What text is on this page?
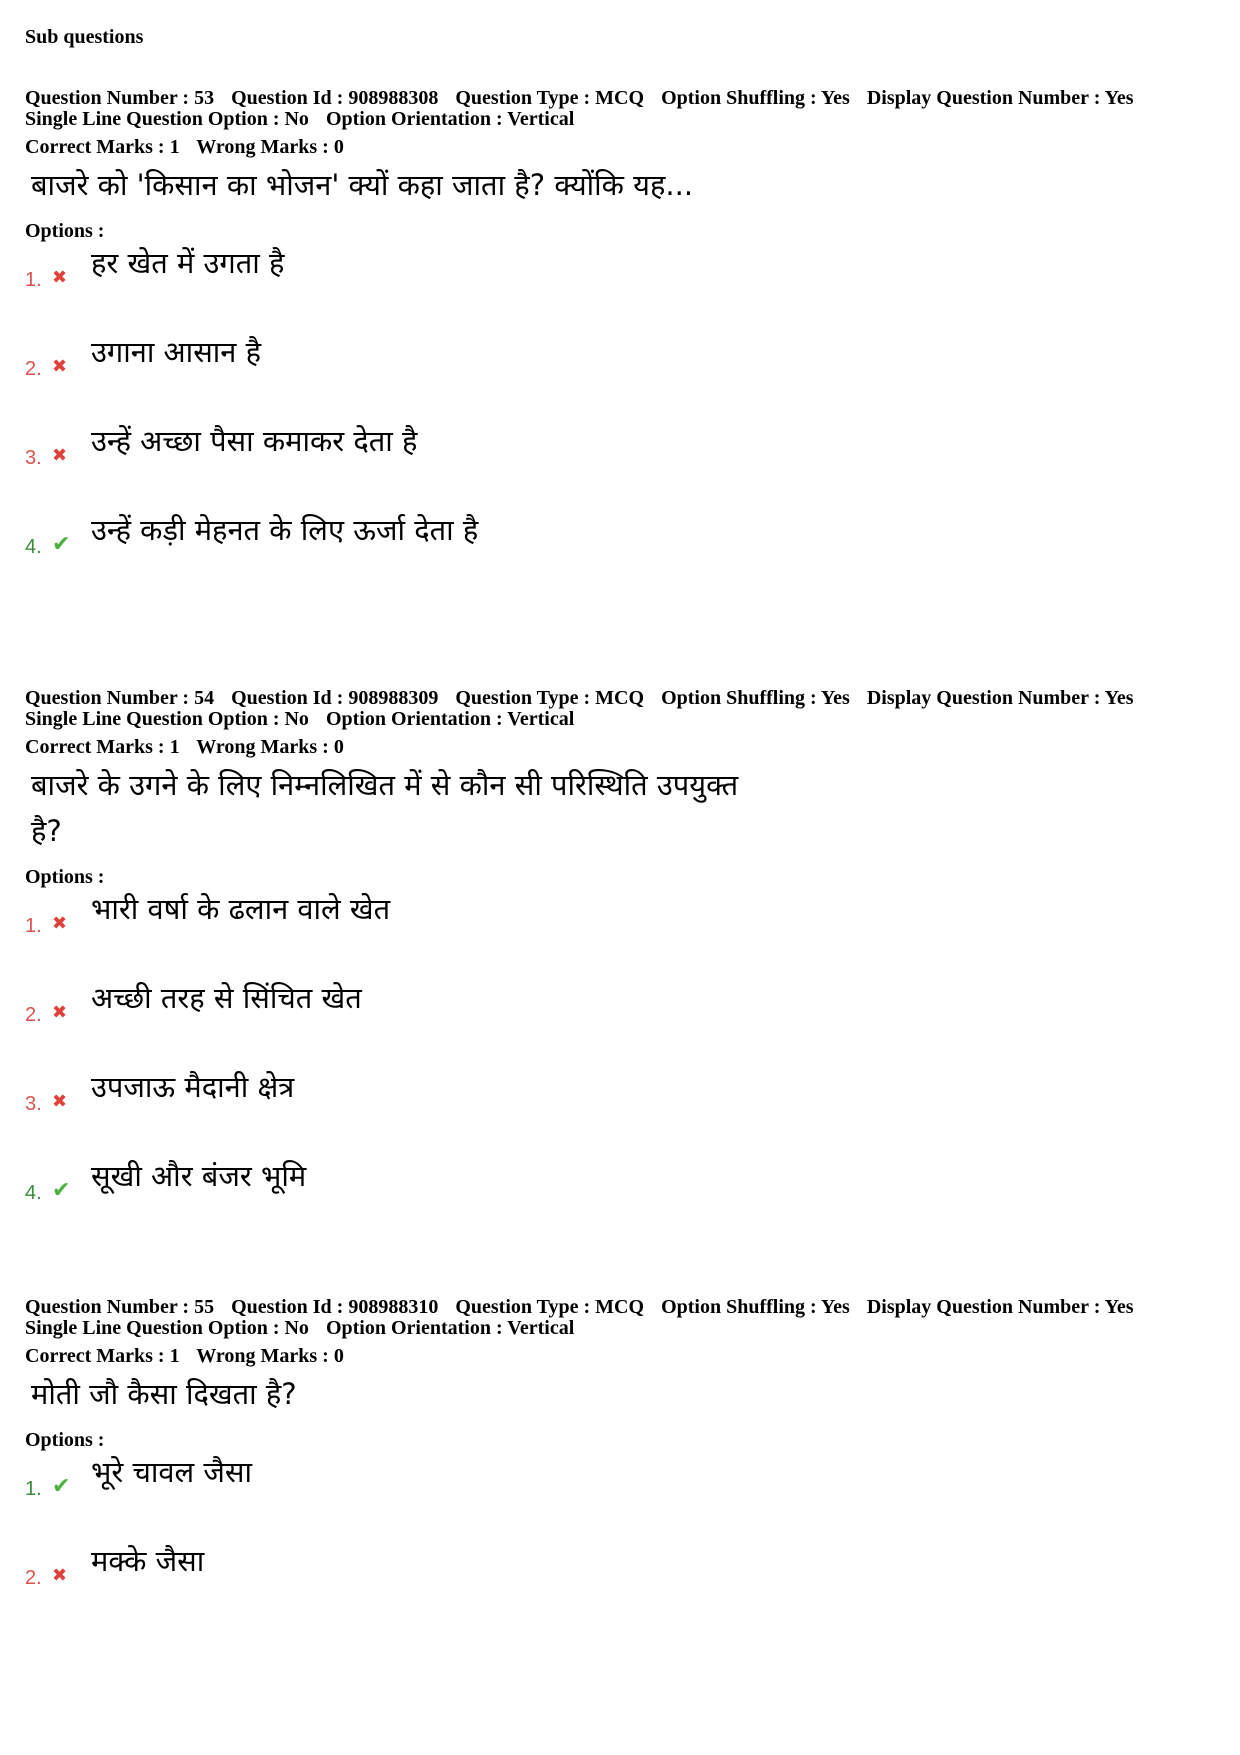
Sub questions
Question Number : 53 Question Id : 908988308 Question Type : MCQ Option Shuffling : Yes Display Question Number : Yes
Single Line Question Option : No Option Orientation : Vertical
Correct Marks : 1 Wrong Marks : 0
बाजरे को 'किसान का भोजन' क्यों कहा जाता है? क्योंकि यह...
Options :
1. ✖ हर खेत में उगता है
2. ✖ उगाना आसान है
3. ✖ उन्हें अच्छा पैसा कमाकर देता है
4. ✔ उन्हें कड़ी मेहनत के लिए ऊर्जा देता है
Question Number : 54 Question Id : 908988309 Question Type : MCQ Option Shuffling : Yes Display Question Number : Yes
Single Line Question Option : No Option Orientation : Vertical
Correct Marks : 1 Wrong Marks : 0
बाजरे के उगने के लिए निम्नलिखित में से कौन सी परिस्थिति उपयुक्त है?
Options :
1. ✖ भारी वर्षा के ढलान वाले खेत
2. ✖ अच्छी तरह से सिंचित खेत
3. ✖ उपजाऊ मैदानी क्षेत्र
4. ✔ सूखी और बंजर भूमि
Question Number : 55 Question Id : 908988310 Question Type : MCQ Option Shuffling : Yes Display Question Number : Yes
Single Line Question Option : No Option Orientation : Vertical
Correct Marks : 1 Wrong Marks : 0
मोती जौ कैसा दिखता है?
Options :
1. ✔ भूरे चावल जैसा
2. ✖ मक्के जैसा
